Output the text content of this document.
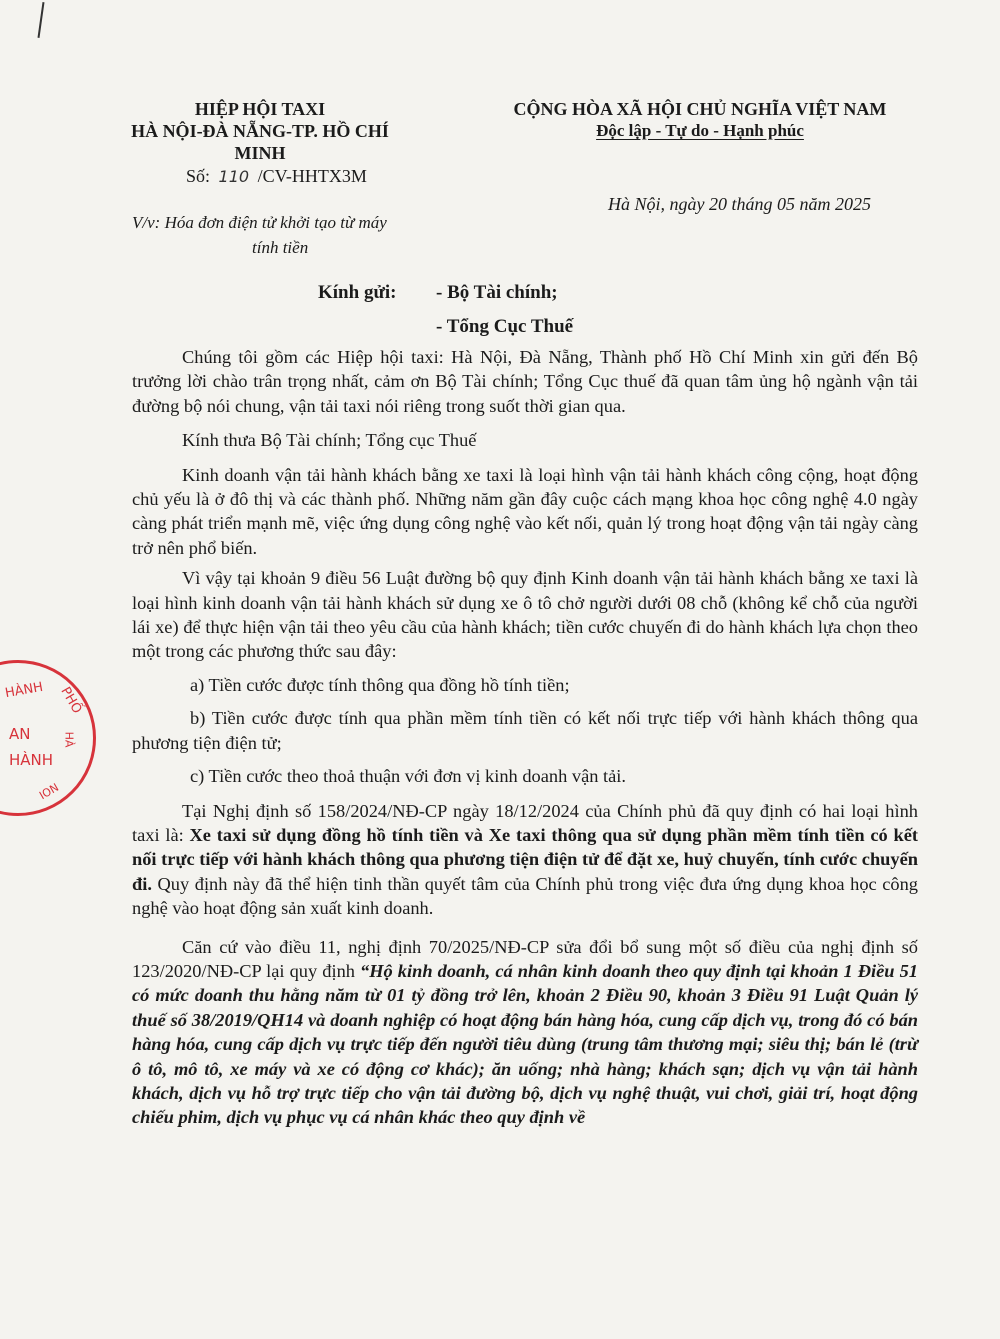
HIỆP HỘI TAXI
HÀ NỘI-ĐÀ NẴNG-TP. HỒ CHÍ MINH
CỘNG HÒA XÃ HỘI CHỦ NGHĨA VIỆT NAM
Độc lập - Tự do - Hạnh phúc
Số: 110 /CV-HHTX3M
Hà Nội, ngày 20 tháng 05 năm 2025
V/v: Hóa đơn điện tử khởi tạo từ máy
tính tiền
Kính gửi: - Bộ Tài chính;
- Tổng Cục Thuế

Chúng tôi gồm các Hiệp hội taxi: Hà Nội, Đà Nẵng, Thành phố Hồ Chí Minh xin gửi đến Bộ trưởng lời chào trân trọng nhất, cảm ơn Bộ Tài chính; Tổng Cục thuế đã quan tâm ủng hộ ngành vận tải đường bộ nói chung, vận tải taxi nói riêng trong suốt thời gian qua.

Kính thưa Bộ Tài chính; Tổng cục Thuế

Kinh doanh vận tải hành khách bằng xe taxi là loại hình vận tải hành khách công cộng, hoạt động chủ yếu là ở đô thị và các thành phố. Những năm gần đây cuộc cách mạng khoa học công nghệ 4.0 ngày càng phát triển mạnh mẽ, việc ứng dụng công nghệ vào kết nối, quản lý trong hoạt động vận tải ngày càng trở nên phổ biến.

Vì vậy tại khoản 9 điều 56 Luật đường bộ quy định Kinh doanh vận tải hành khách bằng xe taxi là loại hình kinh doanh vận tải hành khách sử dụng xe ô tô chở người dưới 08 chỗ (không kể chỗ của người lái xe) để thực hiện vận tải theo yêu cầu của hành khách; tiền cước chuyến đi do hành khách lựa chọn theo một trong các phương thức sau đây:

a) Tiền cước được tính thông qua đồng hồ tính tiền;

b) Tiền cước được tính qua phần mềm tính tiền có kết nối trực tiếp với hành khách thông qua phương tiện điện tử;

c) Tiền cước theo thoả thuận với đơn vị kinh doanh vận tải.

Tại Nghị định số 158/2024/NĐ-CP ngày 18/12/2024 của Chính phủ đã quy định có hai loại hình taxi là: Xe taxi sử dụng đồng hồ tính tiền và Xe taxi thông qua sử dụng phần mềm tính tiền có kết nối trực tiếp với hành khách thông qua phương tiện điện tử để đặt xe, huỷ chuyến, tính cước chuyến đi. Quy định này đã thể hiện tinh thần quyết tâm của Chính phủ trong việc đưa ứng dụng khoa học công nghệ vào hoạt động sản xuất kinh doanh.

Căn cứ vào điều 11, nghị định 70/2025/NĐ-CP sửa đổi bổ sung một số điều của nghị định số 123/2020/NĐ-CP lại quy định “Hộ kinh doanh, cá nhân kinh doanh theo quy định tại khoản 1 Điều 51 có mức doanh thu hằng năm từ 01 tỷ đồng trở lên, khoản 2 Điều 90, khoản 3 Điều 91 Luật Quản lý thuế số 38/2019/QH14 và doanh nghiệp có hoạt động bán hàng hóa, cung cấp dịch vụ, trong đó có bán hàng hóa, cung cấp dịch vụ trực tiếp đến người tiêu dùng (trung tâm thương mại; siêu thị; bán lẻ (trừ ô tô, mô tô, xe máy và xe có động cơ khác); ăn uống; nhà hàng; khách sạn; dịch vụ vận tải hành khách, dịch vụ hỗ trợ trực tiếp cho vận tải đường bộ, dịch vụ nghệ thuật, vui chơi, giải trí, hoạt động chiếu phim, dịch vụ phục vụ cá nhân khác theo quy định về

HÀNH PHỐ
AN
HÀNH
HÀ
ION
